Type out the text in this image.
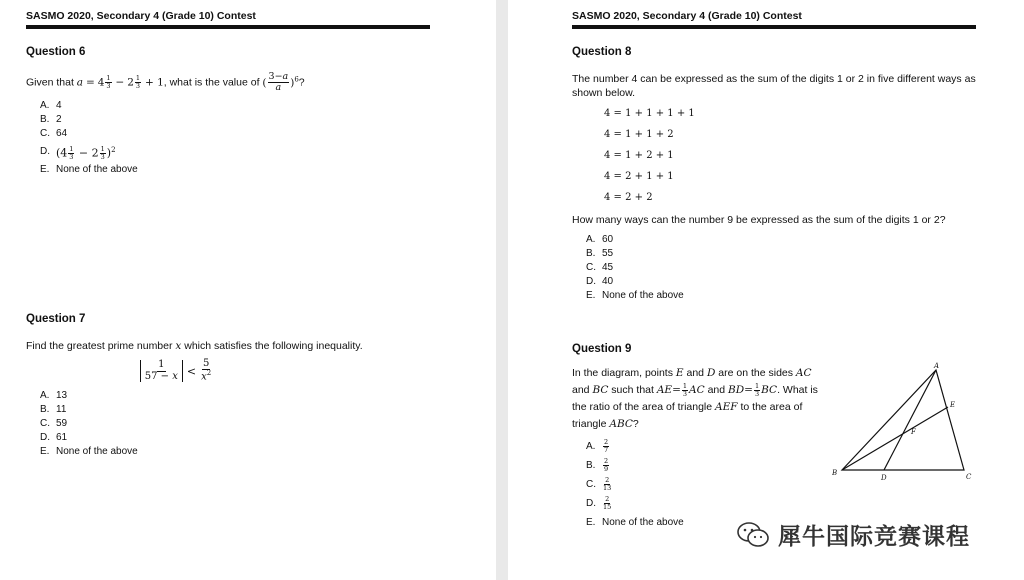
SASMO 2020, Secondary 4 (Grade 10) Contest
Question 6
Given that $a = 4 \frac{1}{3} - 2 \frac{1}{3} + 1$, what is the value of ( $\frac{3-a}{a} )^6$?
A. 4
B. 2
C. 64
D. $(4 \frac{1}{3} - 2 \frac{1}{3} )^2$
E. None of the above
Question 7
Find the greatest prime number x which satisfies the following inequality.
$\frac{1}{57 - x} < \frac{5}{x^2}$
A. 13
B. 11
C. 59
D. 61
E. None of the above
SASMO 2020, Secondary 4 (Grade 10) Contest
Question 8
The number 4 can be expressed as the sum of the digits 1 or 2 in five different ways as shown below.
4 = 1 + 1 + 1 + 1
4 = 1 + 1 + 2
4 = 1 + 2 + 1
4 = 2 + 1 + 1
4 = 2 + 2
How many ways can the number 9 be expressed as the sum of the digits 1 or 2?
A. 60
B. 55
C. 45
D. 40
E. None of the above
Question 9
In the diagram, points E and D are on the sides AC
and BC such that $AE= \frac{1}{3}$ AC and $BD= \frac{1}{3}$ BC. What is
the ratio of the area of triangle AEF to the area of
triangle ABC?
A.	$\frac{2}{7}$
B.	$\frac{2}{9}$
C.	$\frac{2}{13}$
D.	$\frac{2}{15}$
E. None of the above
A
B	C
D
E
F
犀牛国际竞赛课程
